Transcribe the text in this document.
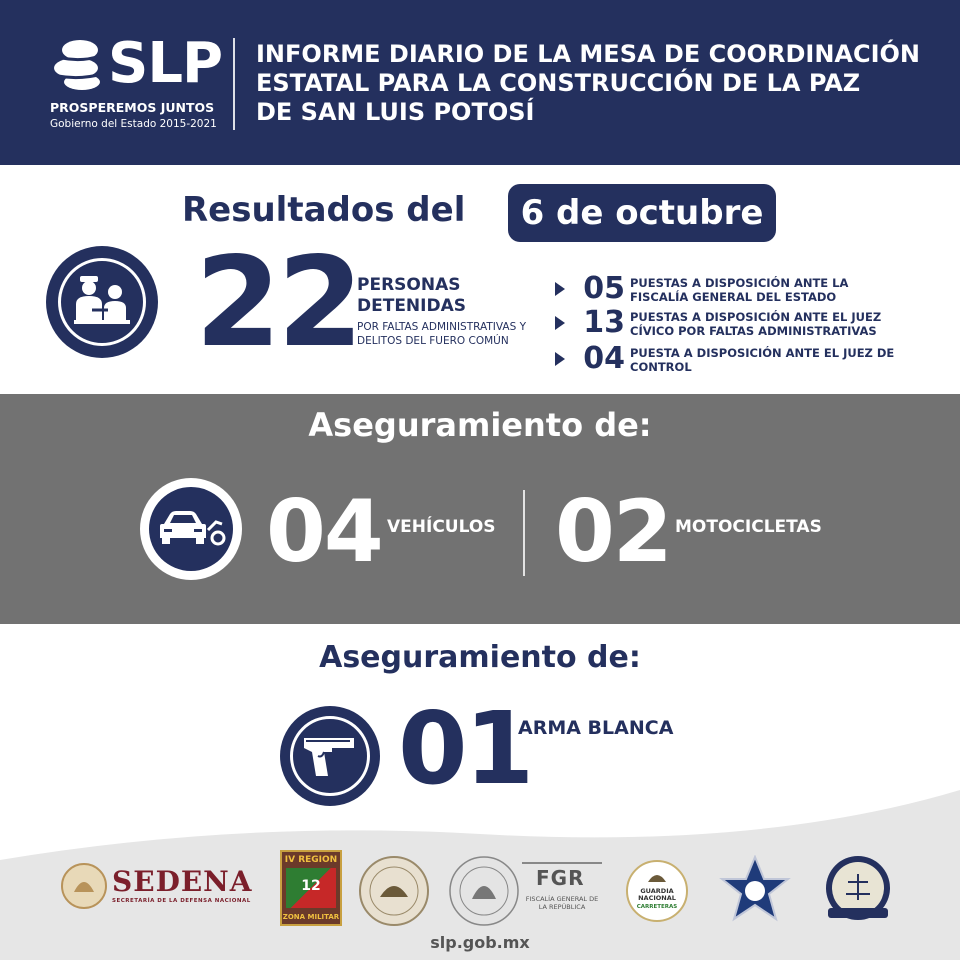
SLP
PROSPEREMOS JUNTOS
Gobierno del Estado 2015-2021
INFORME DIARIO DE LA MESA DE COORDINACIÓN
ESTATAL PARA LA CONSTRUCCIÓN DE LA PAZ
DE SAN LUIS POTOSÍ
Resultados del	6 de octubre
22
PERSONAS DETENIDAS
POR FALTAS ADMINISTRATIVAS Y DELITOS DEL FUERO COMÚN
05 PUESTAS A DISPOSICIÓN ANTE LA FISCALÍA GENERAL DEL ESTADO
13 PUESTAS A DISPOSICIÓN ANTE EL JUEZ CÍVICO POR FALTAS ADMINISTRATIVAS
04 PUESTA A DISPOSICIÓN ANTE EL JUEZ DE CONTROL
Aseguramiento de:
04 VEHÍCULOS 02 MOTOCICLETAS
Aseguramiento de:
01
ARMA BLANCA
SEDENA
SECRETARÍA DE LA DEFENSA NACIONAL
IV REGION
12
ZONA MILITAR
FGR
FISCALÍA GENERAL DE LA REPÚBLICA
GUARDIA NACIONAL
CARRETERAS
slp.gob.mx
